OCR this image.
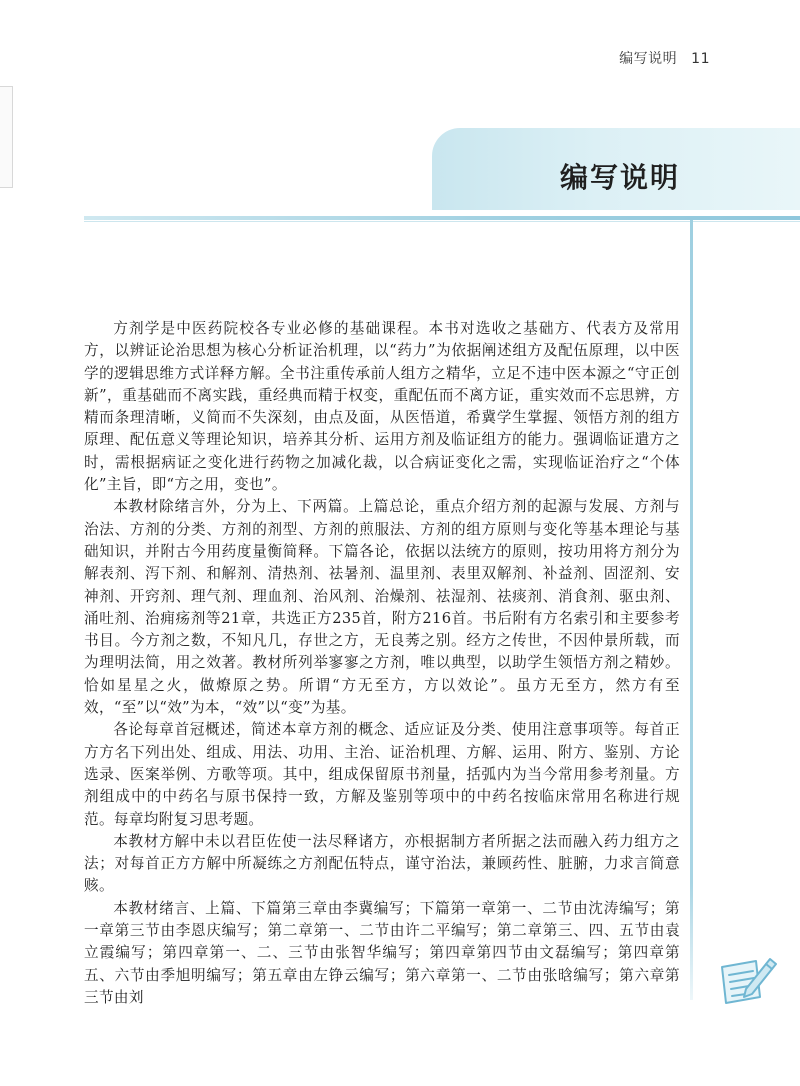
编写说明 11
编写说明

方剂学是中医药院校各专业必修的基础课程。本书对选收之基础方、代表方及常用方，以辨证论治思想为核心分析证治机理，以“药力”为依据阐述组方及配伍原理，以中医学的逻辑思维方式详释方解。全书注重传承前人组方之精华，立足不违中医本源之“守正创新”，重基础而不离实践，重经典而精于权变，重配伍而不离方证，重实效而不忘思辨，方精而条理清晰，义简而不失深刻，由点及面，从医悟道，希冀学生掌握、领悟方剂的组方原理、配伍意义等理论知识，培养其分析、运用方剂及临证组方的能力。强调临证遣方之时，需根据病证之变化进行药物之加减化裁，以合病证变化之需，实现临证治疗之“个体化”主旨，即“方之用，变也”。

本教材除绪言外，分为上、下两篇。上篇总论，重点介绍方剂的起源与发展、方剂与治法、方剂的分类、方剂的剂型、方剂的煎服法、方剂的组方原则与变化等基本理论与基础知识，并附古今用药度量衡简释。下篇各论，依据以法统方的原则，按功用将方剂分为解表剂、泻下剂、和解剂、清热剂、祛暑剂、温里剂、表里双解剂、补益剂、固涩剂、安神剂、开窍剂、理气剂、理血剂、治风剂、治燥剂、祛湿剂、祛痰剂、消食剂、驱虫剂、涌吐剂、治痈疡剂等21章，共选正方235首，附方216首。书后附有方名索引和主要参考书目。今方剂之数，不知凡几，存世之方，无良莠之别。经方之传世，不因仲景所载，而为理明法简，用之效著。教材所列举寥寥之方剂，唯以典型，以助学生领悟方剂之精妙。恰如星星之火，做燎原之势。所谓“方无至方，方以效论”。虽方无至方，然方有至效，“至”以“效”为本，“效”以“变”为基。

各论每章首冠概述，简述本章方剂的概念、适应证及分类、使用注意事项等。每首正方方名下列出处、组成、用法、功用、主治、证治机理、方解、运用、附方、鉴别、方论选录、医案举例、方歌等项。其中，组成保留原书剂量，括弧内为当今常用参考剂量。方剂组成中的中药名与原书保持一致，方解及鉴别等项中的中药名按临床常用名称进行规范。每章均附复习思考题。

本教材方解中未以君臣佐使一法尽释诸方，亦根据制方者所据之法而融入药力组方之法；对每首正方方解中所凝练之方剂配伍特点，谨守治法，兼顾药性、脏腑，力求言简意赅。

本教材绪言、上篇、下篇第三章由李冀编写；下篇第一章第一、二节由沈涛编写；第一章第三节由李恩庆编写；第二章第一、二节由许二平编写；第二章第三、四、五节由袁立霞编写；第四章第一、二、三节由张智华编写；第四章第四节由文磊编写；第四章第五、六节由季旭明编写；第五章由左铮云编写；第六章第一、二节由张晗编写；第六章第三节由刘
